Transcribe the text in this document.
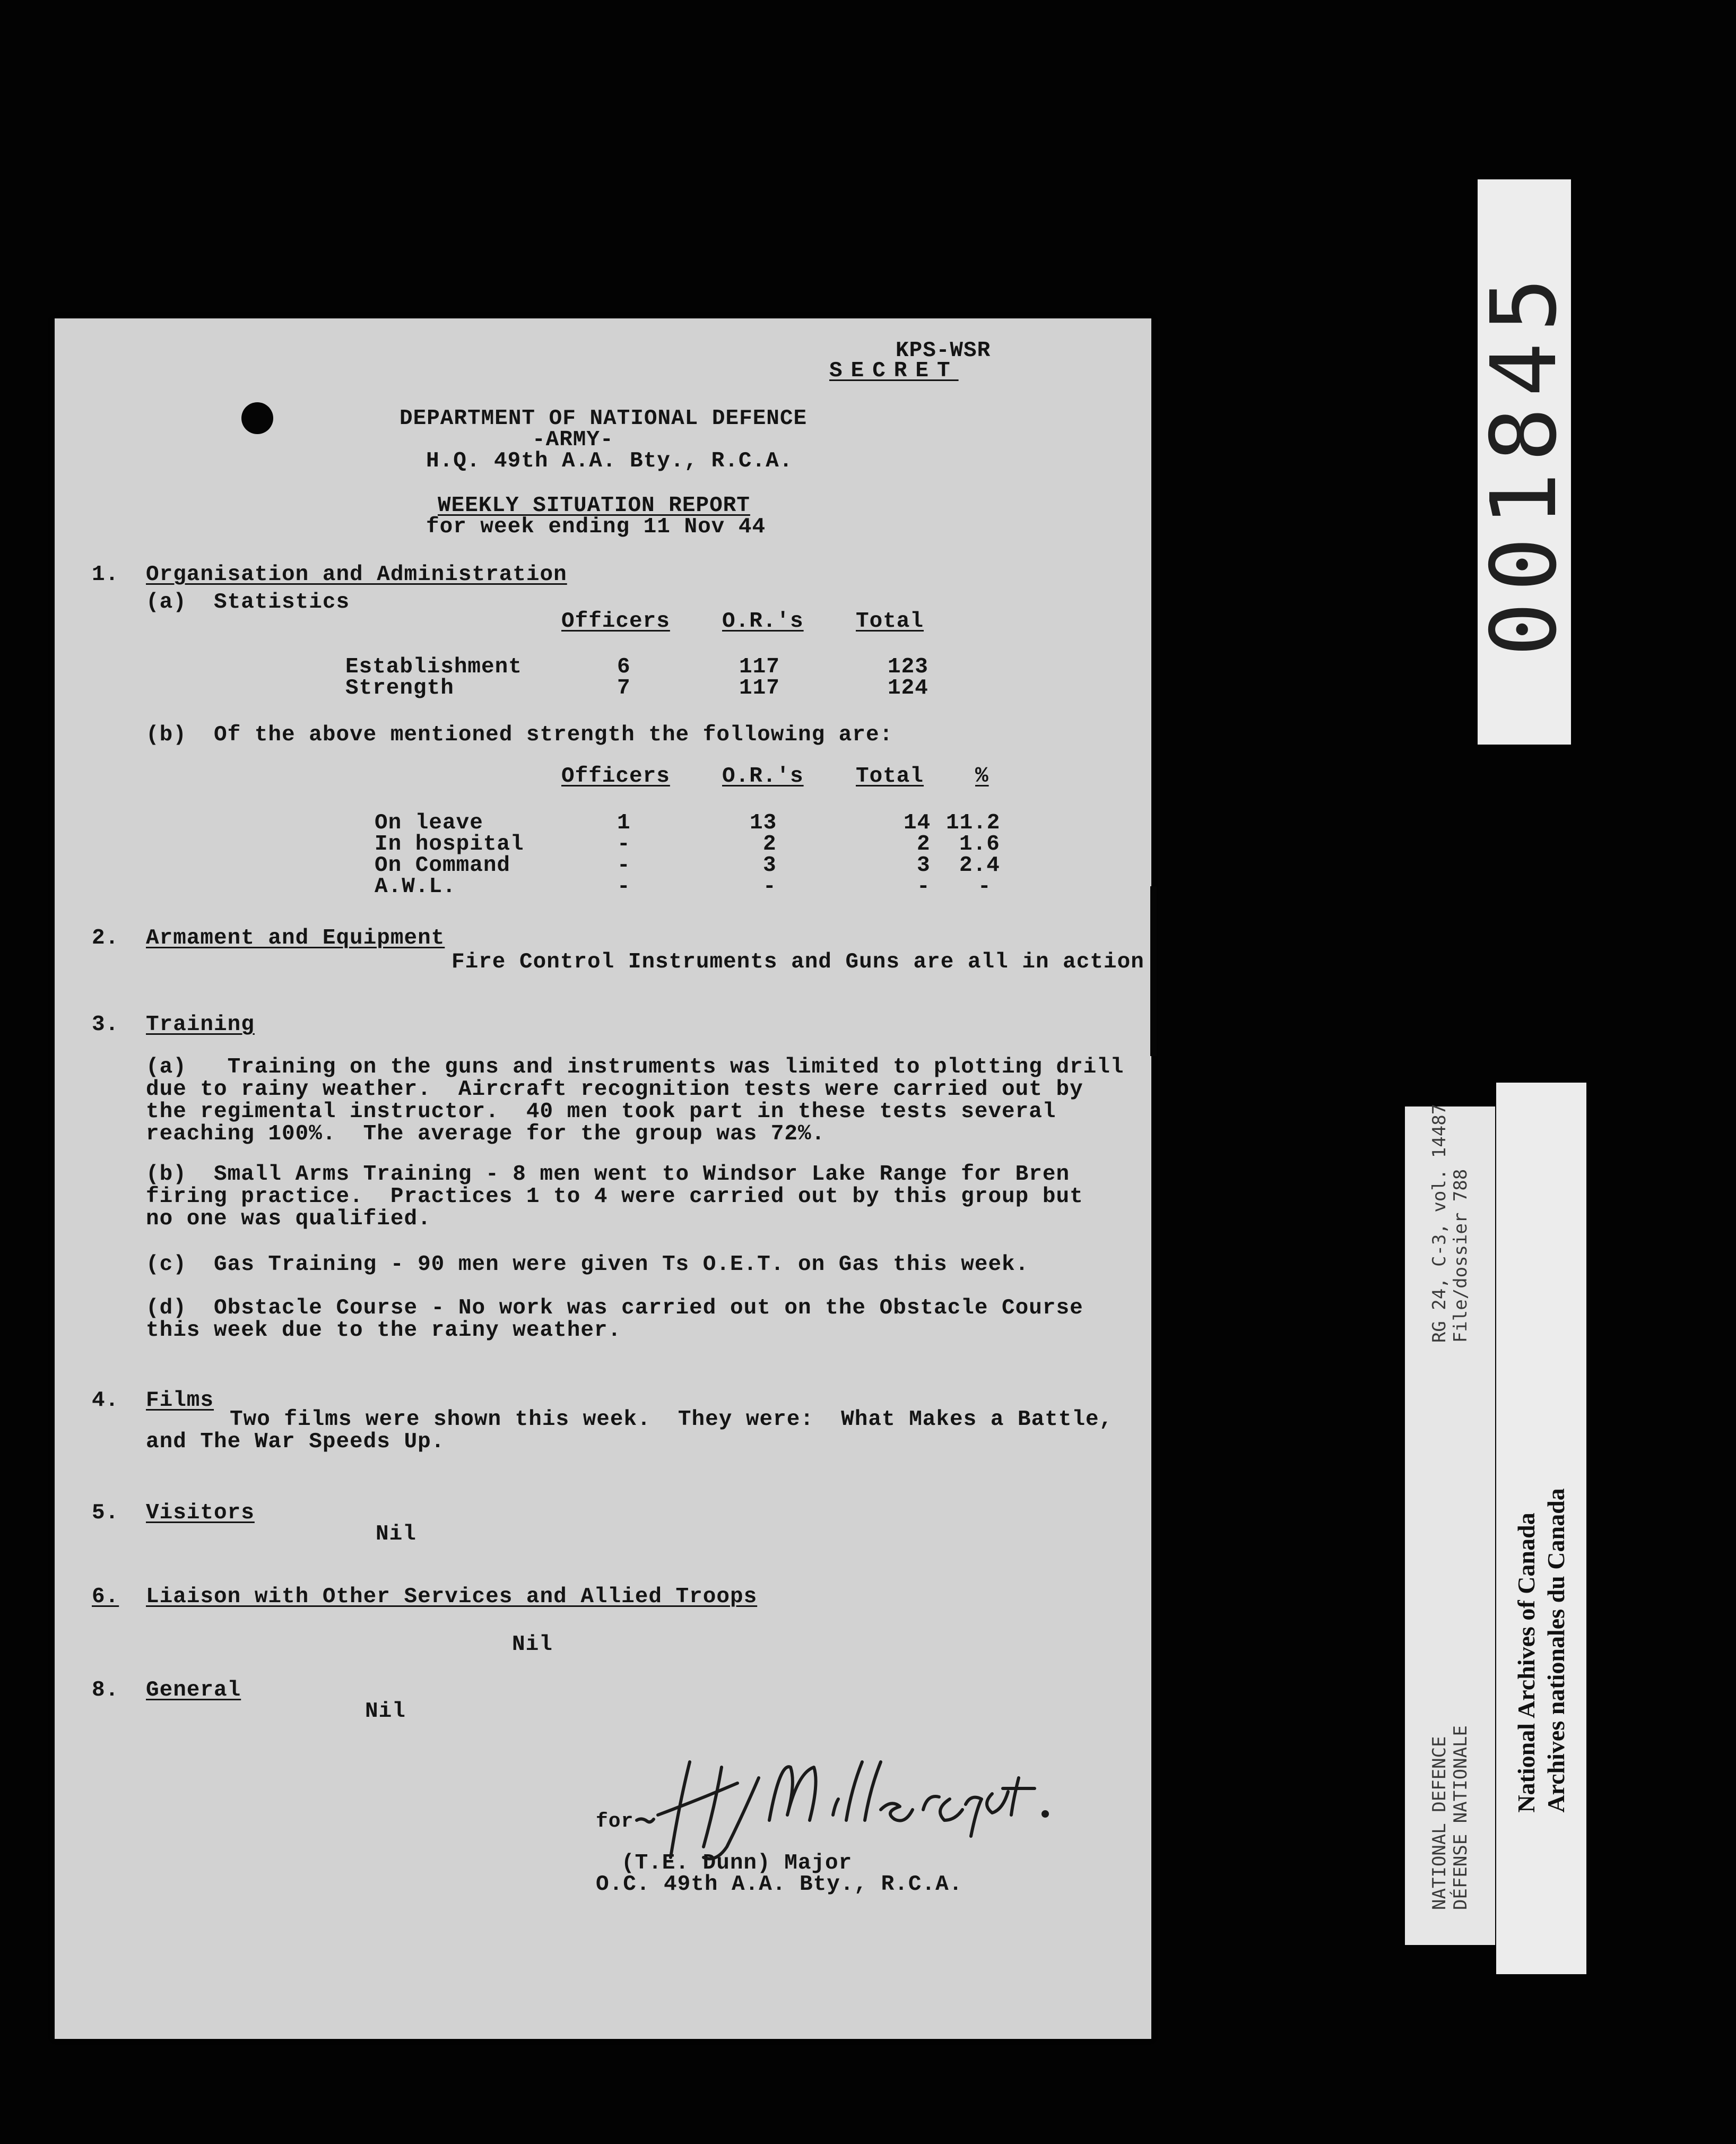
KPS-WSR
SECRET
DEPARTMENT OF NATIONAL DEFENCE
-ARMY-
H.Q. 49th A.A. Bty., R.C.A.
WEEKLY SITUATION REPORT
for week ending 11 Nov 44
1. Organisation and Administration
(a)  Statistics
Officers O.R.'s Total
Establishment	6	117	123
Strength	7	117	124
(b)  Of the above mentioned strength the following are:
Officers O.R.'s Total %
On leave	1	13	14 11.2
In hospital	-	2	2 1.6
On Command	-	3	3 2.4
A.W.L.	-	-	- -
2. Armament and Equipment
Fire Control Instruments and Guns are all in action
3. Training
(a)   Training on the guns and instruments was limited to plotting drill
due to rainy weather.  Aircraft recognition tests were carried out by
the regimental instructor.  40 men took part in these tests several
reaching 100%.  The average for the group was 72%.
(b)  Small Arms Training - 8 men went to Windsor Lake Range for Bren
firing practice.  Practices 1 to 4 were carried out by this group but
no one was qualified.
(c)  Gas Training - 90 men were given Ts O.E.T. on Gas this week.
(d)  Obstacle Course - No work was carried out on the Obstacle Course
this week due to the rainy weather.
4. Films
Two films were shown this week.  They were:  What Makes a Battle,
and The War Speeds Up.
5. Visitors
Nil
6. Liaison with Other Services and Allied Troops
Nil
8. General
Nil
(T.E. Dunn) Major
O.C. 49th A.A. Bty., R.C.A.
for
001845
RG 24, C-3, vol. 14487 File/dossier 788
NATIONAL DEFENCE DÉFENSE NATIONALE
National Archives of Canada Archives nationales du Canada
